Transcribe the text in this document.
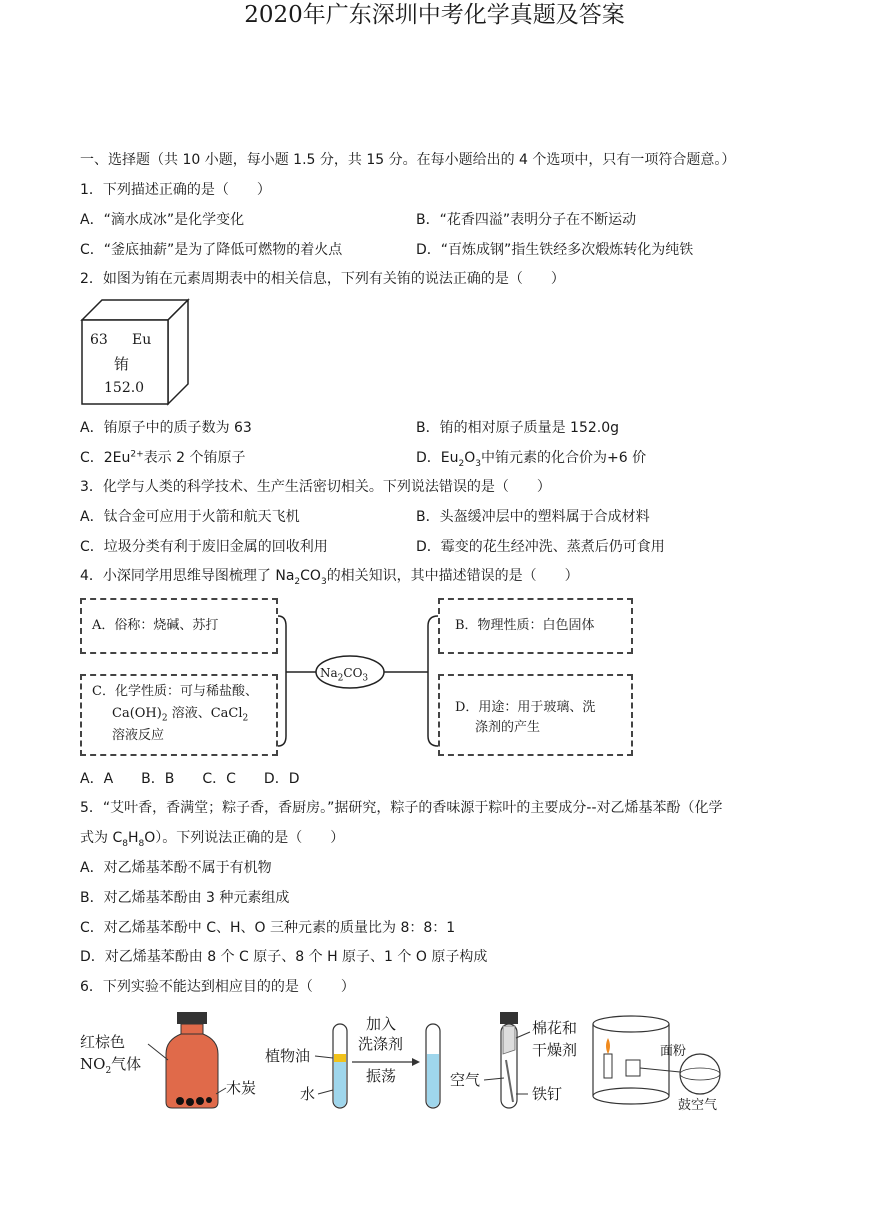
2020年广东深圳中考化学真题及答案
一、选择题（共 10 小题，每小题 1.5 分，共 15 分。在每小题给出的 4 个选项中，只有一项符合题意。）
1．下列描述正确的是（　　）
A．“滴水成冰”是化学变化	B．“花香四溢”表明分子在不断运动
C．“釜底抽薪”是为了降低可燃物的着火点	D．“百炼成钢”指生铁经多次煅炼转化为纯铁
2．如图为铕在元素周期表中的相关信息，下列有关铕的说法正确的是（　　）
63 Eu
铕
152.0
A．铕原子中的质子数为 63	B．铕的相对原子质量是 152.0g
C．$2Eu^{2+}$表示 2 个铕原子	D．$Eu_2O_3$中铕元素的化合价为+6 价
3．化学与人类的科学技术、生产生活密切相关。下列说法错误的是（　　）
A．钛合金可应用于火箭和航天飞机	B．头盔缓冲层中的塑料属于合成材料
C．垃圾分类有利于废旧金属的回收利用	D．霉变的花生经冲洗、蒸煮后仍可食用
4．小深同学用思维导图梳理了 $Na_2CO_3$的相关知识，其中描述错误的是（　　）
$Na_2CO_3$
A．俗称：烧碱、苏打
C．化学性质：可与稀盐酸、
$Ca(OH)_2$ 溶液、CaCl$_2$
溶液反应
B．物理性质：白色固体
D．用途：用于玻璃、洗
涤剂的产生
A．A　　B．B　　C．C　　D．D
5．“艾叶香，香满堂；粽子香，香厨房。”据研究，粽子的香味源于粽叶的主要成分--对乙烯基苯酚（化学
式为 $C_8H_8O$）。下列说法正确的是（　　）
A．对乙烯基苯酚不属于有机物
B．对乙烯基苯酚由 3 种元素组成
C．对乙烯基苯酚中 C、H、O 三种元素的质量比为 8：8：1
D．对乙烯基苯酚由 8 个 C 原子、8 个 H 原子、1 个 O 原子构成
6．下列实验不能达到相应目的的是（　　）
红棕色
$NO_2$气体
木炭
植物油
水
加入
洗涤剂
振荡
棉花和
干燥剂
空气
铁钉
面粉
鼓空气
